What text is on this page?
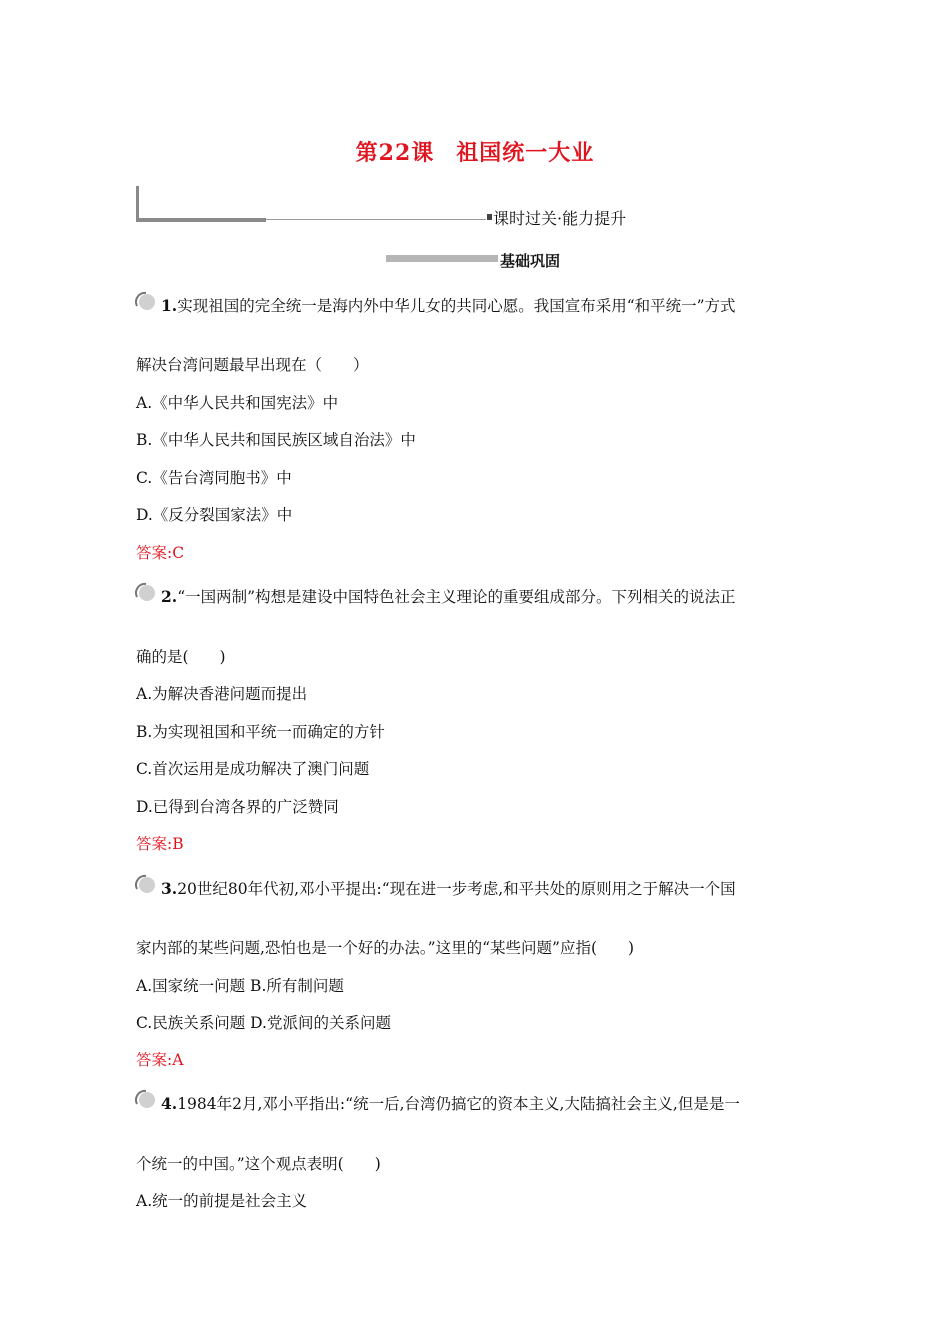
第22课 祖国统一大业
课时过关·能力提升
基础巩固
1.实现祖国的完全统一是海内外中华儿女的共同心愿。我国宣布采用“和平统一”方式
解决台湾问题最早出现在（　　）
A.《中华人民共和国宪法》中
B.《中华人民共和国民族区域自治法》中
C.《告台湾同胞书》中
D.《反分裂国家法》中
答案:C
2.“一国两制”构想是建设中国特色社会主义理论的重要组成部分。下列相关的说法正
确的是(　　)
A.为解决香港问题而提出
B.为实现祖国和平统一而确定的方针
C.首次运用是成功解决了澳门问题
D.已得到台湾各界的广泛赞同
答案:B
3.20世纪80年代初,邓小平提出:“现在进一步考虑,和平共处的原则用之于解决一个国
家内部的某些问题,恐怕也是一个好的办法。”这里的“某些问题”应指(　　)
A.国家统一问题 B.所有制问题
C.民族关系问题 D.党派间的关系问题
答案:A
4.1984年2月,邓小平指出:“统一后,台湾仍搞它的资本主义,大陆搞社会主义,但是是一
个统一的中国。”这个观点表明(　　)
A.统一的前提是社会主义
